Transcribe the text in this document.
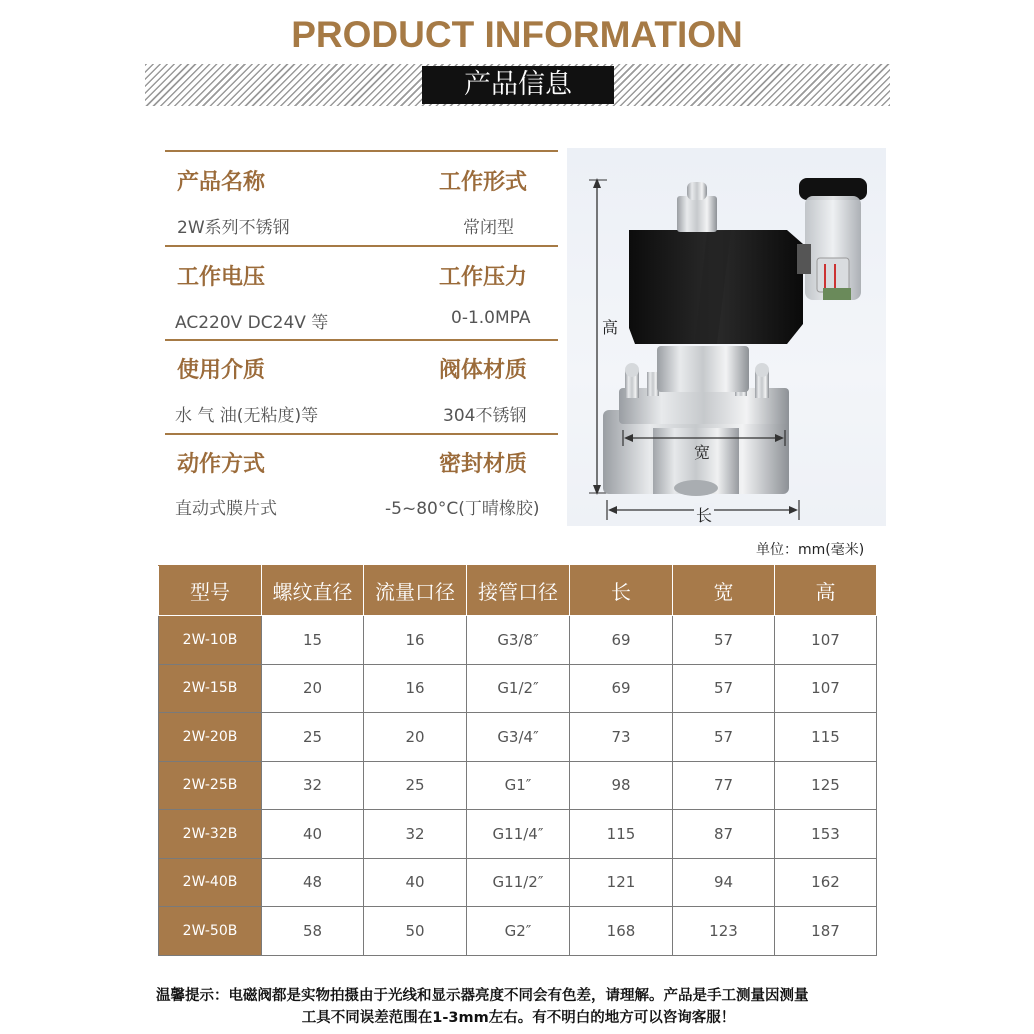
PRODUCT INFORMATION
产品信息
产品名称	工作形式
2W系列不锈钢	常闭型
工作电压	工作压力
AC220V DC24V 等	0-1.0MPA
使用介质	阀体材质
水 气 油(无粘度)等	304不锈钢
动作方式	密封材质
直动式膜片式	-5~80°C(丁晴橡胶)
高
宽
长
单位：mm(毫米)
型号	螺纹直径	流量口径	接管口径	长	宽	高
2W-10B	15	16	G3/8″	69	57	107
2W-15B	20	16	G1/2″	69	57	107
2W-20B	25	20	G3/4″	73	57	115
2W-25B	32	25	G1″	98	77	125
2W-32B	40	32	G11/4″	115	87	153
2W-40B	48	40	G11/2″	121	94	162
2W-50B	58	50	G2″	168	123	187
温馨提示：电磁阀都是实物拍摄由于光线和显示器亮度不同会有色差，请理解。产品是手工测量因测量
工具不同误差范围在1-3mm左右。有不明白的地方可以咨询客服！
